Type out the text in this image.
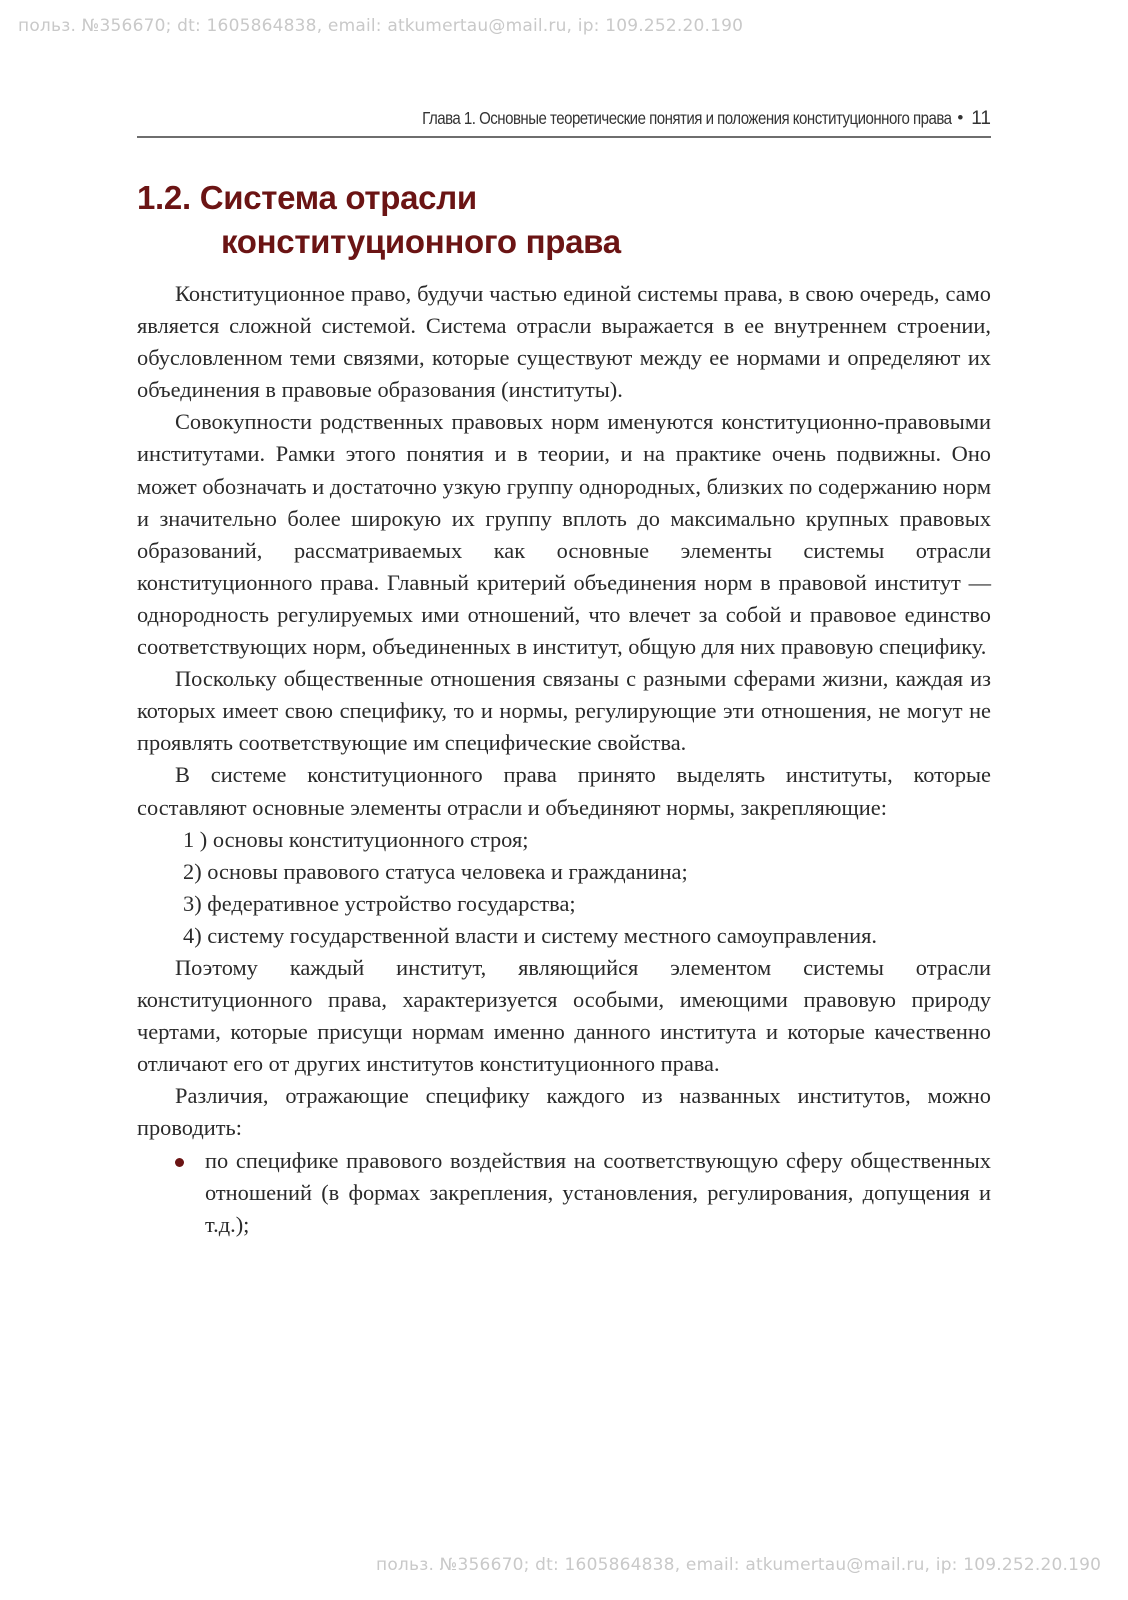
польз. №356670; dt: 1605864838, email: atkumertau@mail.ru, ip: 109.252.20.190
Глава 1. Основные теоретические понятия и положения конституционного права • 11
1.2. Система отрасли
конституционного права

Конституционное право, будучи частью единой системы права, в свою очередь, само является сложной системой. Система отрасли выражается в ее внутреннем строении, обусловленном теми связями, которые существуют между ее нормами и определяют их объединения в правовые образования (институты).

Совокупности родственных правовых норм именуются конституционно-правовыми институтами. Рамки этого понятия и в теории, и на практике очень подвижны. Оно может обозначать и достаточно узкую группу однородных, близких по содержанию норм и значительно более широкую их группу вплоть до максимально крупных правовых образований, рассматриваемых как основные элементы системы отрасли конституционного права. Главный критерий объединения норм в правовой институт — однородность регулируемых ими отношений, что влечет за собой и правовое единство соответствующих норм, объединенных в институт, общую для них правовую специфику.

Поскольку общественные отношения связаны с разными сферами жизни, каждая из которых имеет свою специфику, то и нормы, регулирующие эти отношения, не могут не проявлять соответствующие им специфические свойства.

В системе конституционного права принято выделять институты, которые составляют основные элементы отрасли и объединяют нормы, закрепляющие:

1 ) основы конституционного строя;
2) основы правового статуса человека и гражданина;
3) федеративное устройство государства;
4) систему государственной власти и систему местного самоуправления.

Поэтому каждый институт, являющийся элементом системы отрасли конституционного права, характеризуется особыми, имеющими правовую природу чертами, которые присущи нормам именно данного института и которые качественно отличают его от других институтов конституционного права.

Различия, отражающие специфику каждого из названных институтов, можно проводить:

по специфике правового воздействия на соответствующую сферу общественных отношений (в формах закрепления, установления, регулирования, допущения и т.д.);
польз. №356670; dt: 1605864838, email: atkumertau@mail.ru, ip: 109.252.20.190
